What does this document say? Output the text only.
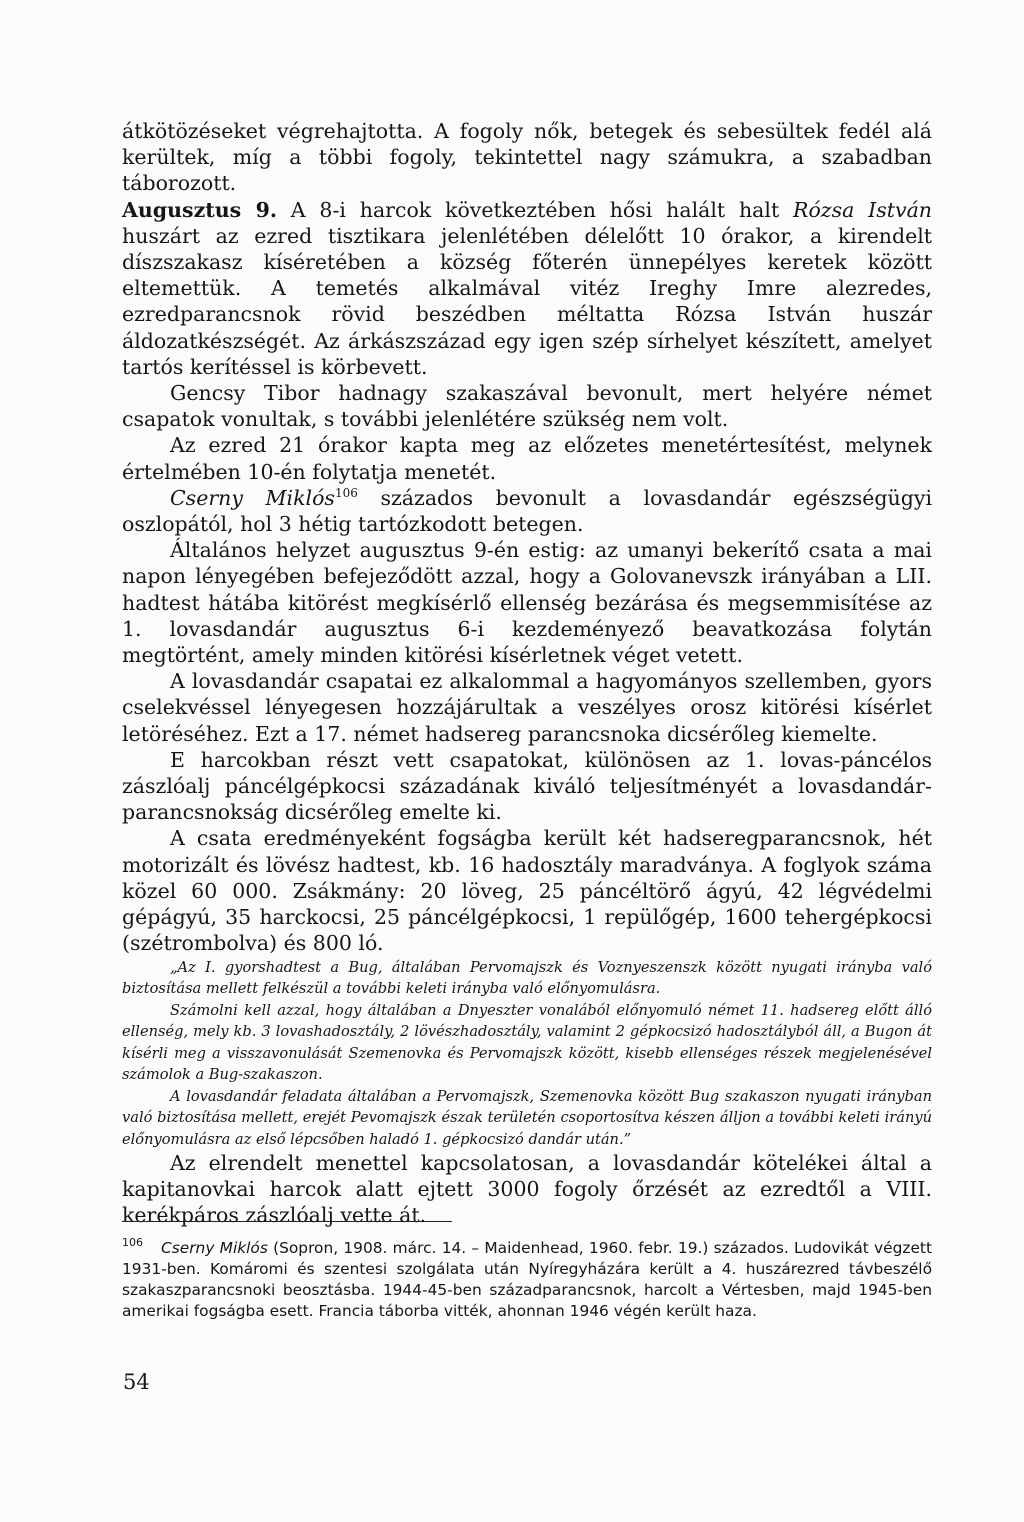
átkötözéseket végrehajtotta. A fogoly nők, betegek és sebesültek fedél alá kerültek, míg a többi fogoly, tekintettel nagy számukra, a szabadban táborozott.

Augusztus 9. A 8-i harcok következtében hősi halált halt Rózsa István huszárt az ezred tisztikara jelenlétében délelőtt 10 órakor, a kirendelt díszszakasz kíséretében a község főterén ünnepélyes keretek között eltemettük. A temetés alkalmával vitéz Ireghy Imre alezredes, ezredparancsnok rövid beszédben méltatta Rózsa István huszár áldozatkészségét. Az árkászszázad egy igen szép sírhelyet készített, amelyet tartós kerítéssel is körbevett.

Gencsy Tibor hadnagy szakaszával bevonult, mert helyére német csapatok vonultak, s további jelenlétére szükség nem volt.

Az ezred 21 órakor kapta meg az előzetes menetértesítést, melynek értelmében 10-én folytatja menetét.

Cserny Miklós$^{106}$ százados bevonult a lovasdandár egészségügyi oszlopától, hol 3 hétig tartózkodott betegen.

Általános helyzet augusztus 9-én estig: az umanyi bekerítő csata a mai napon lényegében befejeződött azzal, hogy a Golovanevszk irányában a LII. hadtest hátába kitörést megkísérlő ellenség bezárása és megsemmisítése az 1. lovasdandár augusztus 6-i kezdeményező beavatkozása folytán megtörtént, amely minden kitörési kísérletnek véget vetett.

A lovasdandár csapatai ez alkalommal a hagyományos szellemben, gyors cselekvéssel lényegesen hozzájárultak a veszélyes orosz kitörési kísérlet letöréséhez. Ezt a 17. német hadsereg parancsnoka dicsérőleg kiemelte.

E harcokban részt vett csapatokat, különösen az 1. lovas-páncélos zászlóalj páncélgépkocsi századának kiváló teljesítményét a lovasdandár-parancsnokság dicsérőleg emelte ki.

A csata eredményeként fogságba került két hadseregparancsnok, hét motorizált és lövész hadtest, kb. 16 hadosztály maradványa. A foglyok száma közel 60 000. Zsákmány: 20 löveg, 25 páncéltörő ágyú, 42 légvédelmi gépágyú, 35 harckocsi, 25 páncélgépkocsi, 1 repülőgép, 1600 tehergépkocsi (szétrombolva) és 800 ló.

„Az I. gyorshadtest a Bug, általában Pervomajszk és Voznyeszenszk között nyugati irányba való biztosítása mellett felkészül a további keleti irányba való előnyomulásra.

Számolni kell azzal, hogy általában a Dnyeszter vonalából előnyomuló német 11. hadsereg előtt álló ellenség, mely kb. 3 lovashadosztály, 2 lövészhadosztály, valamint 2 gépkocsizó hadosztályból áll, a Bugon át kísérli meg a visszavonulását Szemenovka és Pervomajszk között, kisebb ellenséges részek megjelenésével számolok a Bug-szakaszon.

A lovasdandár feladata általában a Pervomajszk, Szemenovka között Bug szakaszon nyugati irányban való biztosítása mellett, erejét Pevomajszk észak területén csoportosítva készen álljon a további keleti irányú előnyomulásra az első lépcsőben haladó 1. gépkocsizó dandár után.”

Az elrendelt menettel kapcsolatosan, a lovasdandár kötelékei által a kapitanovkai harcok alatt ejtett 3000 fogoly őrzését az ezredtől a VIII. kerékpáros zászlóalj vette át.

$^{106}$ Cserny Miklós (Sopron, 1908. márc. 14. – Maidenhead, 1960. febr. 19.) százados. Ludovikát végzett 1931-ben. Komáromi és szentesi szolgálata után Nyíregyházára került a 4. huszárezred távbeszélő szakaszparancsnoki beosztásba. 1944-45-ben századparancsnok, harcolt a Vértesben, majd 1945-ben amerikai fogságba esett. Francia táborba vitték, ahonnan 1946 végén került haza.
54
